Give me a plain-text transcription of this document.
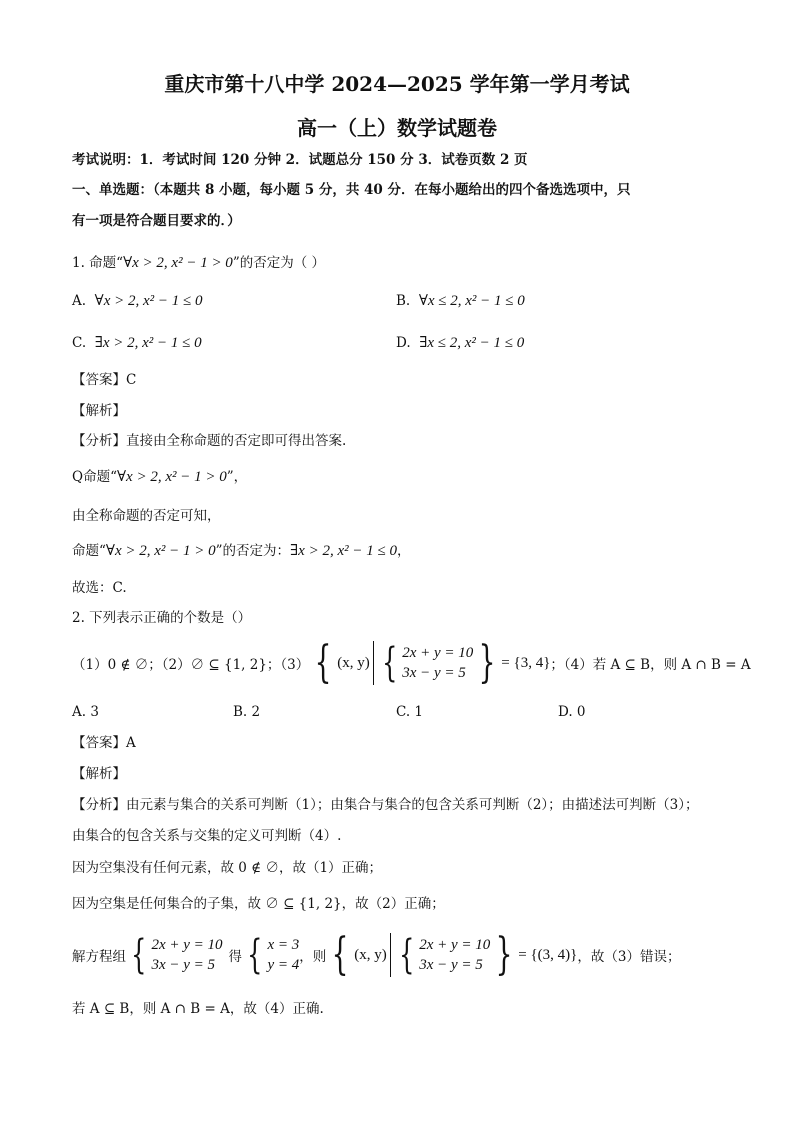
重庆市第十八中学 2024—2025 学年第一学月考试
高一（上）数学试题卷
考试说明：1．考试时间 120 分钟 2．试题总分 150 分 3．试卷页数 2 页
一、单选题：（本题共 8 小题，每小题 5 分，共 40 分．在每小题给出的四个备选选项中，只
有一项是符合题目要求的．）
1. 命题“∀x > 2, x² − 1 > 0”的否定为（ ）
A. ∀x > 2, x² − 1 ≤ 0	B. ∀x ≤ 2, x² − 1 ≤ 0
C. ∃x > 2, x² − 1 ≤ 0	D. ∃x ≤ 2, x² − 1 ≤ 0
【答案】C
【解析】
【分析】直接由全称命题的否定即可得出答案.
Q命题“∀x > 2, x² − 1 > 0”，
由全称命题的否定可知，
命题“∀x > 2, x² − 1 > 0”的否定为：∃x > 2, x² − 1 ≤ 0，
故选：C.
2. 下列表示正确的个数是（）
（1）0 ∉ ∅；（2）∅ ⊆ {1, 2}；（3） { (x, y) { 2x + y = 10
3x − y = 5 } = {3, 4} ；（4）若 A ⊆ B，则 A ∩ B = A
A. 3	B. 2	C. 1	D. 0
【答案】A
【解析】
【分析】由元素与集合的关系可判断（1）；由集合与集合的包含关系可判断（2）；由描述法可判断（3）；
由集合的包含关系与交集的定义可判断（4）.
因为空集没有任何元素，故 0 ∉ ∅，故（1）正确；
因为空集是任何集合的子集，故 ∅ ⊆ {1, 2}，故（2）正确；
解方程组 { 2x + y = 10
3x − y = 5	得 { x = 3
y = 4 ，则 { (x, y) { 2x + y = 10
3x − y = 5 } = {(3, 4)} ，故（3）错误；
若 A ⊆ B，则 A ∩ B = A，故（4）正确.
